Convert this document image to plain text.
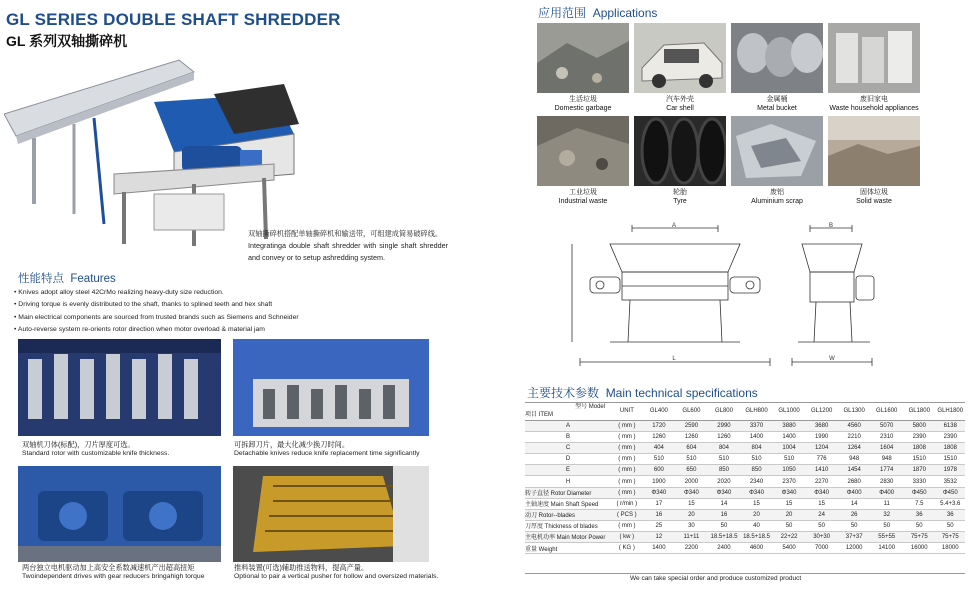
GL SERIES DOUBLE SHAFT SHREDDER
GL 系列双轴撕碎机
双轴撕碎机搭配单轴撕碎机和输送带，可组建成简易破碎线。
Integratinga double shaft shredder with single shaft shredder and convey or to setup ashredding system.
性能特点 Features
• Knives adopt alloy steel 42CrMo realizing heavy-duty size reduction.
• Driving torque is evenly distributed to the shaft, thanks to splined teeth and hex shaft
• Main electrical components are sourced from trusted brands such as Siemens and Schneider
• Auto-reverse system re-orients rotor direction when motor overload & material jam
双轴机刀体(标配)，刀片厚度可选。
Standard rotor with customizable knife thickness.
可拆卸刀片，最大化减少换刀时间。
Detachable knives reduce knife replacement time significantly
两台独立电机驱动加上高安全系数减速机产出超高扭矩
Twoindependent drives with gear reducers bringahigh torque
推料装置(可选)辅助推送物料，提高产量。
Optional to pair a vertical pusher for hollow and oversized materials.
应用范围 Applications
生活垃圾
Domestic garbage
汽车外壳
Car shell
金属桶
Metal bucket
废旧家电
Waste household appliances
工业垃圾
Industrial waste
轮胎
Tyre
废铝
Aluminium scrap
固体垃圾
Solid waste
A
L
B
W
主要技术参数 Main technical specifications
型号 Model
项目 ITEM	UNIT	GL400	GL600	GL800	GLH800	GL1000	GL1200	GL1300	GL1600	GL1800	GLH1800
A	( mm )	1720	2590	2990	3370	3880	3680	4560	5070	5800	6138
B	( mm )	1260	1260	1260	1400	1400	1990	2210	2310	2390	2390
C	( mm )	404	604	804	804	1004	1204	1264	1604	1808	1808
D	( mm )	510	510	510	510	510	776	948	948	1510	1510
E	( mm )	600	650	850	850	1050	1410	1454	1774	1870	1978
H	( mm )	1900	2000	2020	2340	2370	2270	2680	2830	3330	3532
转子直径 Rotor Diameter	( mm )	Φ340	Φ340	Φ340	Φ340	Φ340	Φ340	Φ400	Φ400	Φ450	Φ450
主轴速度 Main Shaft Speed	( r/min )	17	15	14	15	15	15	14	11	7.5	5.4+3.6
动刀 Rotor--blades	( PCS )	16	20	16	20	20	24	26	32	36	36
刀厚度 Thickness of blades	( mm )	25	30	50	40	50	50	50	50	50	50
主电机功率 Main Motor Power	( kw )	12	11+11	18.5+18.5	18.5+18.5	22+22	30+30	37+37	55+55	75+75	75+75
重量 Weight	( KG )	1400	2200	2400	4600	5400	7000	12000	14100	16000	18000
We can take special order and produce customized product
